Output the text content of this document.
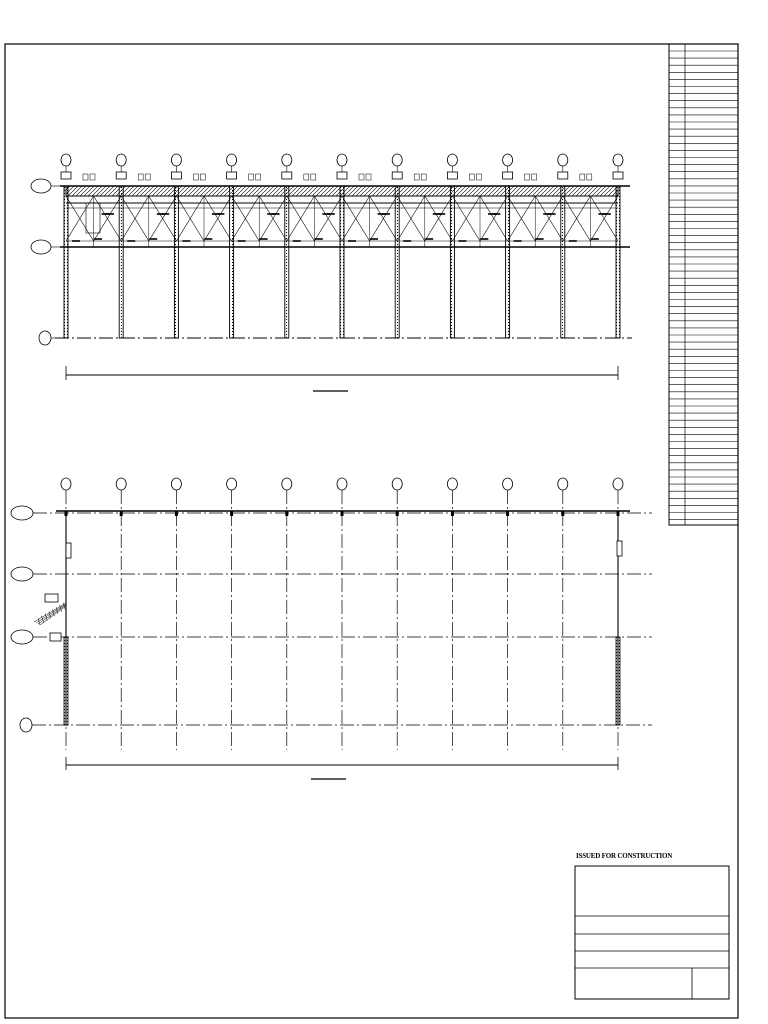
ISSUED FOR CONSTRUCTION
